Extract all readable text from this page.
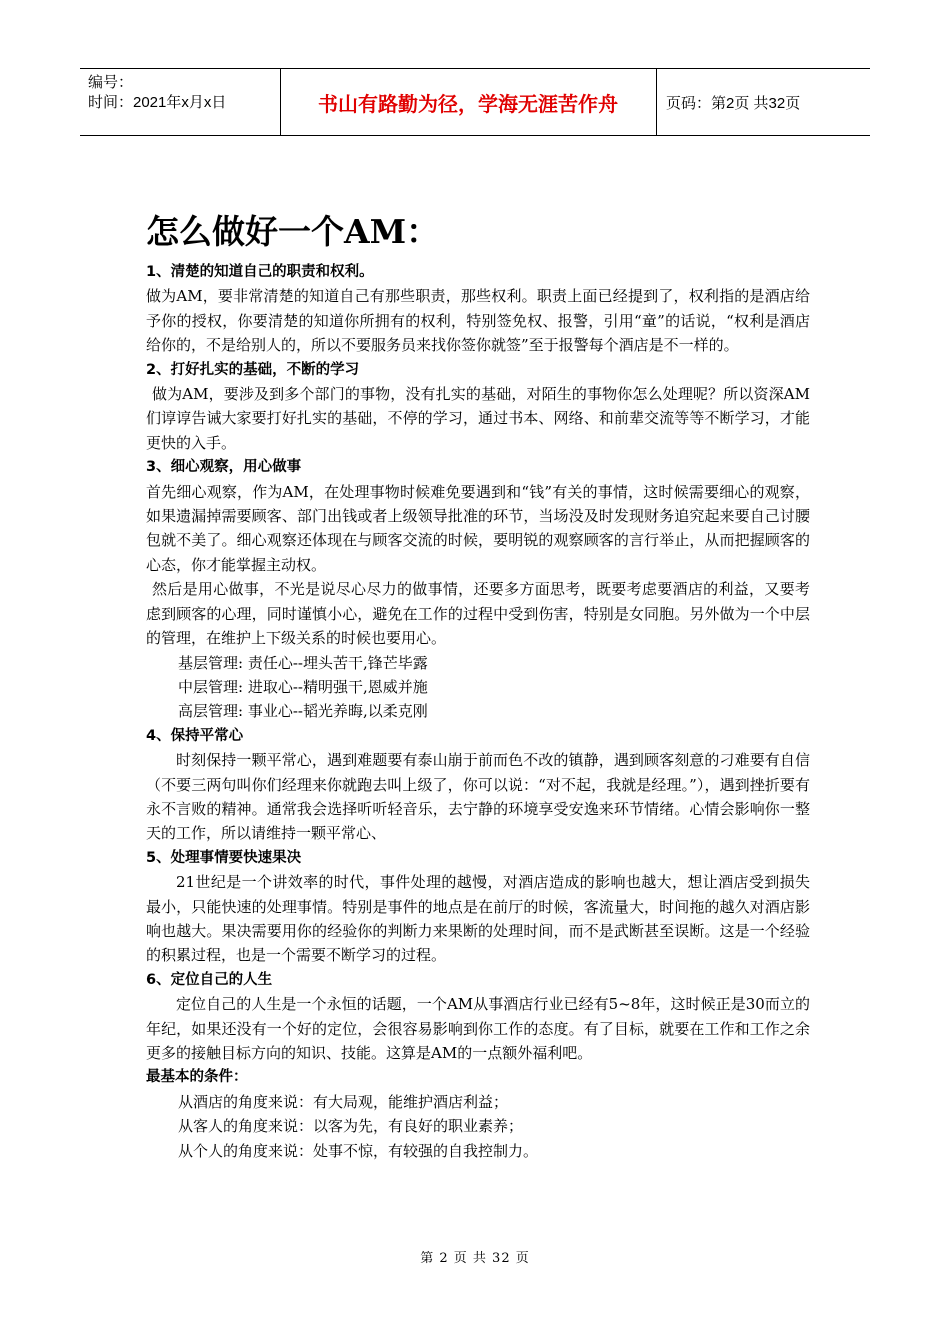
编号：
时间：2021年x月x日	书山有路勤为径，学海无涯苦作舟	页码：第2页 共32页
怎么做好一个AM：
1、清楚的知道自己的职责和权利。

做为AM，要非常清楚的知道自己有那些职责，那些权利。职责上面已经提到了，权利指的是酒店给予你的授权，你要清楚的知道你所拥有的权利，特别签免权、报警，引用“童”的话说，“权利是酒店给你的，不是给别人的，所以不要服务员来找你签你就签”至于报警每个酒店是不一样的。

2、打好扎实的基础，不断的学习

做为AM，要涉及到多个部门的事物，没有扎实的基础，对陌生的事物你怎么处理呢？所以资深AM们谆谆告诫大家要打好扎实的基础，不停的学习，通过书本、网络、和前辈交流等等不断学习，才能更快的入手。

3、细心观察，用心做事

首先细心观察，作为AM，在处理事物时候难免要遇到和“钱”有关的事情，这时候需要细心的观察，如果遗漏掉需要顾客、部门出钱或者上级领导批准的环节，当场没及时发现财务追究起来要自己讨腰包就不美了。细心观察还体现在与顾客交流的时候，要明锐的观察顾客的言行举止，从而把握顾客的心态，你才能掌握主动权。

然后是用心做事，不光是说尽心尽力的做事情，还要多方面思考，既要考虑要酒店的利益，又要考虑到顾客的心理，同时谨慎小心，避免在工作的过程中受到伤害，特别是女同胞。另外做为一个中层的管理，在维护上下级关系的时候也要用心。

基层管理: 责任心--埋头苦干,锋芒毕露
中层管理: 进取心--精明强干,恩威并施
高层管理: 事业心--韬光养晦,以柔克刚
4、保持平常心

时刻保持一颗平常心，遇到难题要有泰山崩于前而色不改的镇静，遇到顾客刻意的刁难要有自信（不要三两句叫你们经理来你就跑去叫上级了，你可以说：“对不起，我就是经理。”），遇到挫折要有永不言败的精神。通常我会选择听听轻音乐，去宁静的环境享受安逸来环节情绪。心情会影响你一整天的工作，所以请维持一颗平常心、

5、处理事情要快速果决

21世纪是一个讲效率的时代，事件处理的越慢，对酒店造成的影响也越大，想让酒店受到损失最小，只能快速的处理事情。特别是事件的地点是在前厅的时候，客流量大，时间拖的越久对酒店影响也越大。果决需要用你的经验你的判断力来果断的处理时间，而不是武断甚至误断。这是一个经验的积累过程，也是一个需要不断学习的过程。

6、定位自己的人生

定位自己的人生是一个永恒的话题，一个AM从事酒店行业已经有5~8年，这时候正是30而立的年纪，如果还没有一个好的定位，会很容易影响到你工作的态度。有了目标，就要在工作和工作之余更多的接触目标方向的知识、技能。这算是AM的一点额外福利吧。

最基本的条件：
从酒店的角度来说：有大局观，能维护酒店利益；
从客人的角度来说：以客为先，有良好的职业素养；
从个人的角度来说：处事不惊，有较强的自我控制力。
第 2 页 共 32 页
